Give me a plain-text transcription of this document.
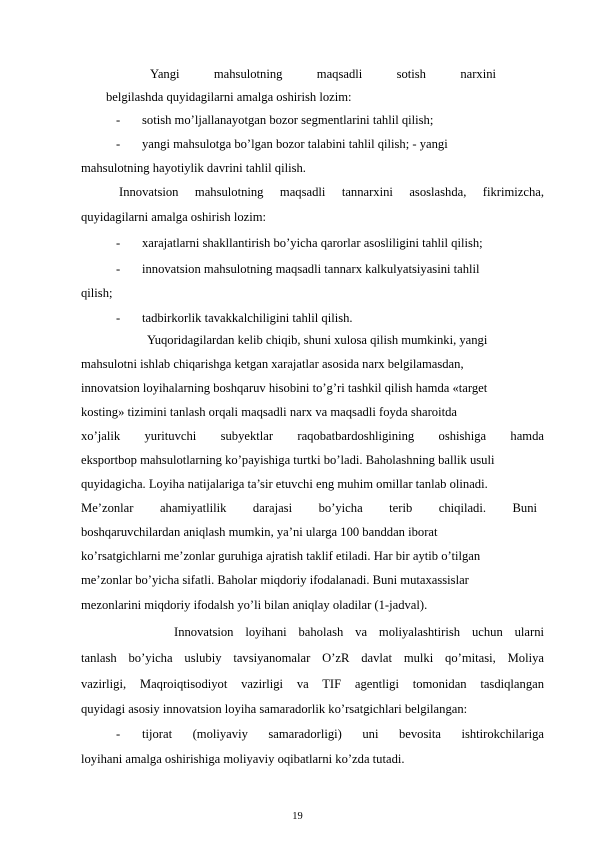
Yangi mahsulotning maqsadli sotish narxini
belgilashda quyidagilarni amalga oshirish lozim:
- sotish mo’ljallanayotgan bozor segmentlarini tahlil qilish;
- yangi mahsulotga bo’lgan bozor talabini tahlil qilish; - yangi
mahsulotning hayotiylik davrini tahlil qilish.
Innovatsion mahsulotning maqsadli tannarxini asoslashda, fikrimizcha,
quyidagilarni amalga oshirish lozim:
- xarajatlarni shakllantirish bo’yicha qarorlar asosliligini tahlil qilish;
- innovatsion mahsulotning maqsadli tannarx kalkulyatsiyasini tahlil
qilish;
- tadbirkorlik tavakkalchiligini tahlil qilish.
Yuqoridagilardan kelib chiqib, shuni xulosa qilish mumkinki, yangi
mahsulotni ishlab chiqarishga ketgan xarajatlar asosida narx belgilamasdan,
innovatsion loyihalarning boshqaruv hisobini to’g’ri tashkil qilish hamda «target
kosting» tizimini tanlash orqali maqsadli narx va maqsadli foyda sharoitda
xo’jalik yurituvchi subyektlar raqobatbardoshligining oshishiga hamda
eksportbop mahsulotlarning ko’payishiga turtki bo’ladi. Baholashning ballik usuli
quyidagicha. Loyiha natijalariga ta’sir etuvchi eng muhim omillar tanlab olinadi.
Me’zonlar ahamiyatlilik darajasi bo’yicha terib chiqiladi. Buni
boshqaruvchilardan aniqlash mumkin, ya’ni ularga 100 banddan iborat
ko’rsatgichlarni me’zonlar guruhiga ajratish taklif etiladi. Har bir aytib o’tilgan
me’zonlar bo’yicha sifatli. Baholar miqdoriy ifodalanadi. Buni mutaxassislar
mezonlarini miqdoriy ifodalsh yo’li bilan aniqlay oladilar (1-jadval).
Innovatsion loyihani baholash va moliyalashtirish uchun ularni
tanlash bo’yicha uslubiy tavsiyanomalar O’zR davlat mulki qo’mitasi, Moliya
vazirligi, Maqroiqtisodiyot vazirligi va TIF agentligi tomonidan tasdiqlangan
quyidagi asosiy innovatsion loyiha samaradorlik ko’rsatgichlari belgilangan:
- tijorat (moliyaviy samaradorligi) uni bevosita ishtirokchilariga
loyihani amalga oshirishiga moliyaviy oqibatlarni ko’zda tutadi.
19
